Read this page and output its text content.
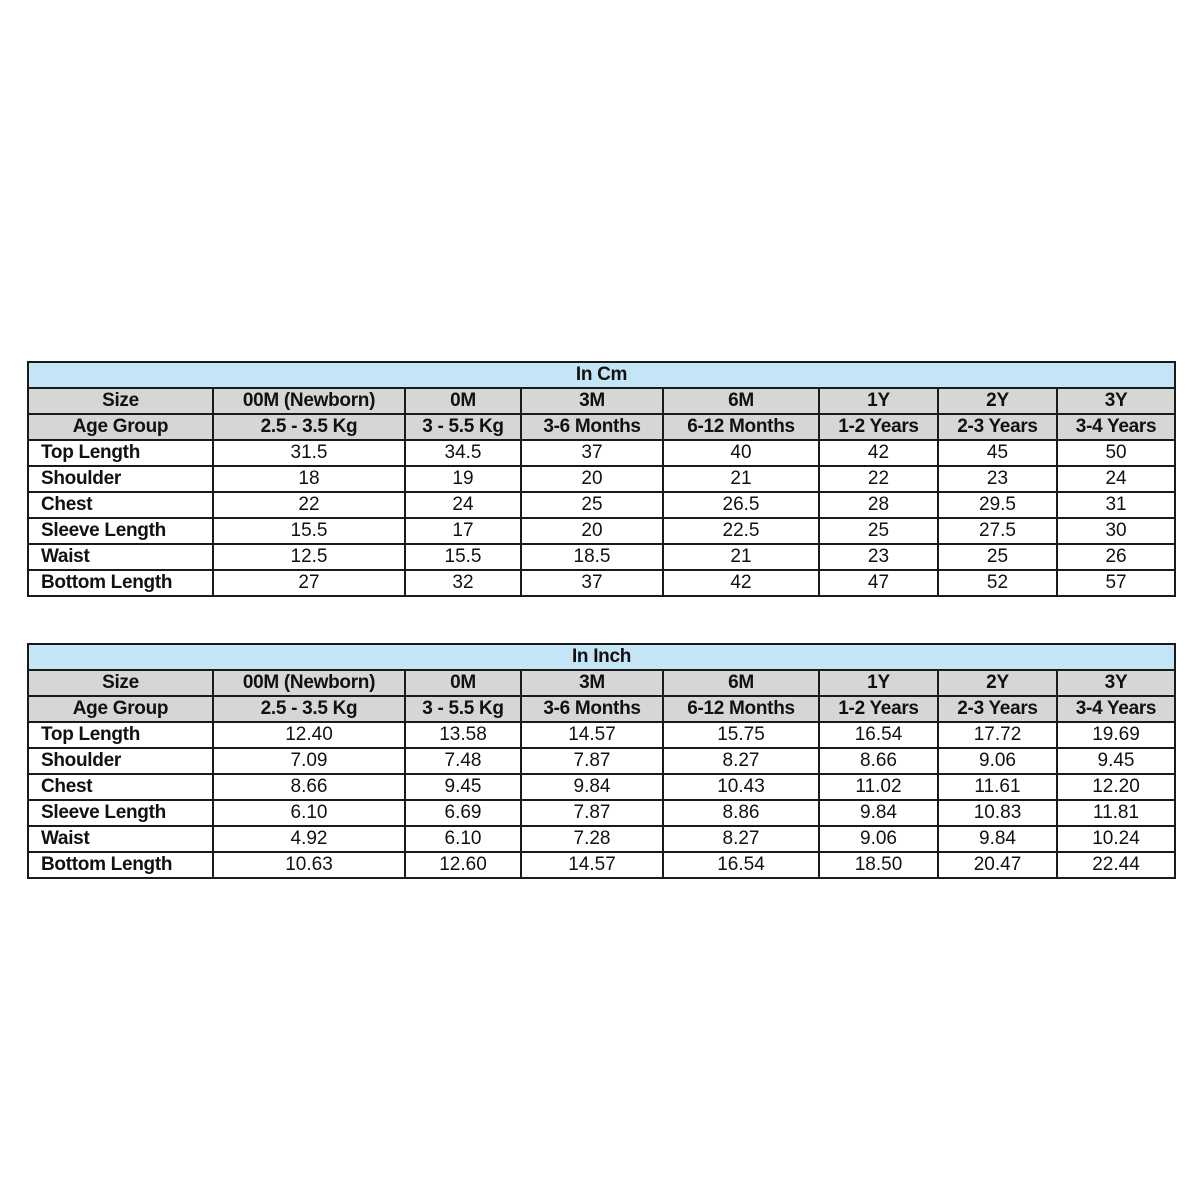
In Cm							
Size	00M (Newborn)	0M	3M	6M	1Y	2Y	3Y
Age Group	2.5 - 3.5 Kg	3 - 5.5 Kg	3-6 Months	6-12 Months	1-2 Years	2-3 Years	3-4 Years
Top Length	31.5	34.5	37	40	42	45	50
Shoulder	18	19	20	21	22	23	24
Chest	22	24	25	26.5	28	29.5	31
Sleeve Length	15.5	17	20	22.5	25	27.5	30
Waist	12.5	15.5	18.5	21	23	25	26
Bottom Length	27	32	37	42	47	52	57
In Inch							
Size	00M (Newborn)	0M	3M	6M	1Y	2Y	3Y
Age Group	2.5 - 3.5 Kg	3 - 5.5 Kg	3-6 Months	6-12 Months	1-2 Years	2-3 Years	3-4 Years
Top Length	12.40	13.58	14.57	15.75	16.54	17.72	19.69
Shoulder	7.09	7.48	7.87	8.27	8.66	9.06	9.45
Chest	8.66	9.45	9.84	10.43	11.02	11.61	12.20
Sleeve Length	6.10	6.69	7.87	8.86	9.84	10.83	11.81
Waist	4.92	6.10	7.28	8.27	9.06	9.84	10.24
Bottom Length	10.63	12.60	14.57	16.54	18.50	20.47	22.44
